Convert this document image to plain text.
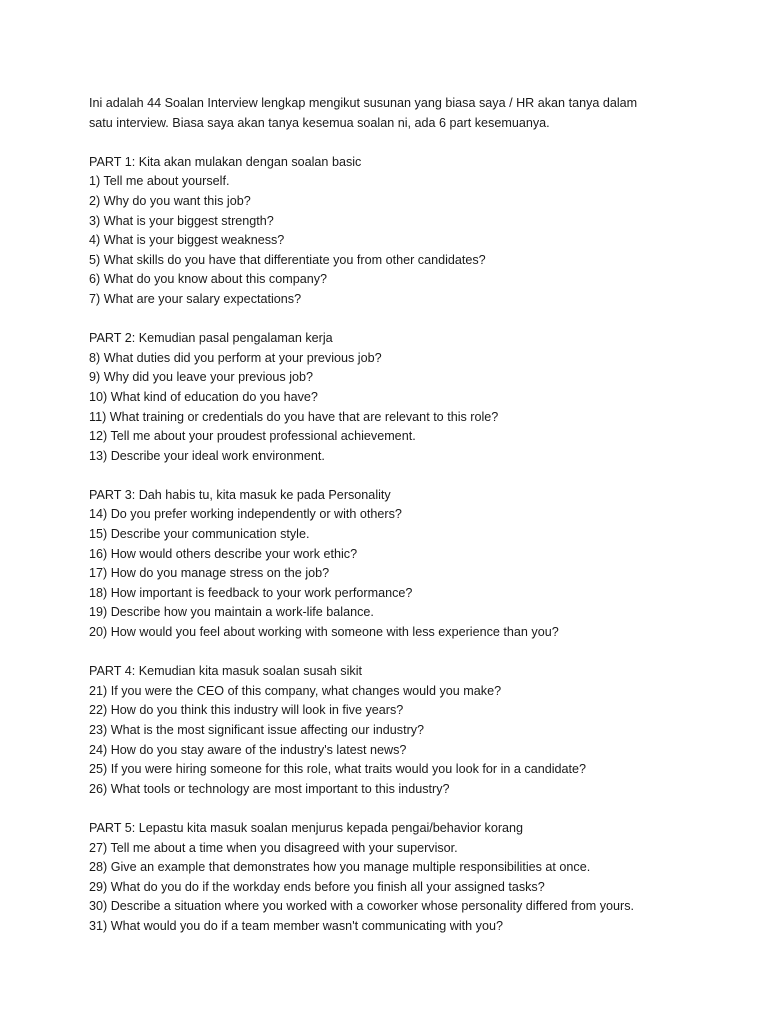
Ini adalah 44 Soalan Interview lengkap mengikut susunan yang biasa saya / HR akan tanya dalam

satu interview. Biasa saya akan tanya kesemua soalan ni, ada 6 part kesemuanya.

PART 1: Kita akan mulakan dengan soalan basic

1) Tell me about yourself.

2) Why do you want this job?

3) What is your biggest strength?

4) What is your biggest weakness?

5) What skills do you have that differentiate you from other candidates?

6) What do you know about this company?

7) What are your salary expectations?

PART 2: Kemudian pasal pengalaman kerja

8) What duties did you perform at your previous job?

9) Why did you leave your previous job?

10) What kind of education do you have?

11) What training or credentials do you have that are relevant to this role?

12) Tell me about your proudest professional achievement.

13) Describe your ideal work environment.

PART 3: Dah habis tu, kita masuk ke pada Personality

14) Do you prefer working independently or with others?

15) Describe your communication style.

16) How would others describe your work ethic?

17) How do you manage stress on the job?

18) How important is feedback to your work performance?

19) Describe how you maintain a work-life balance.

20) How would you feel about working with someone with less experience than you?

PART 4: Kemudian kita masuk soalan susah sikit

21) If you were the CEO of this company, what changes would you make?

22) How do you think this industry will look in five years?

23) What is the most significant issue affecting our industry?

24) How do you stay aware of the industry's latest news?

25) If you were hiring someone for this role, what traits would you look for in a candidate?

26) What tools or technology are most important to this industry?

PART 5: Lepastu kita masuk soalan menjurus kepada pengai/behavior korang

27) Tell me about a time when you disagreed with your supervisor.

28) Give an example that demonstrates how you manage multiple responsibilities at once.

29) What do you do if the workday ends before you finish all your assigned tasks?

30) Describe a situation where you worked with a coworker whose personality differed from yours.

31) What would you do if a team member wasn't communicating with you?
